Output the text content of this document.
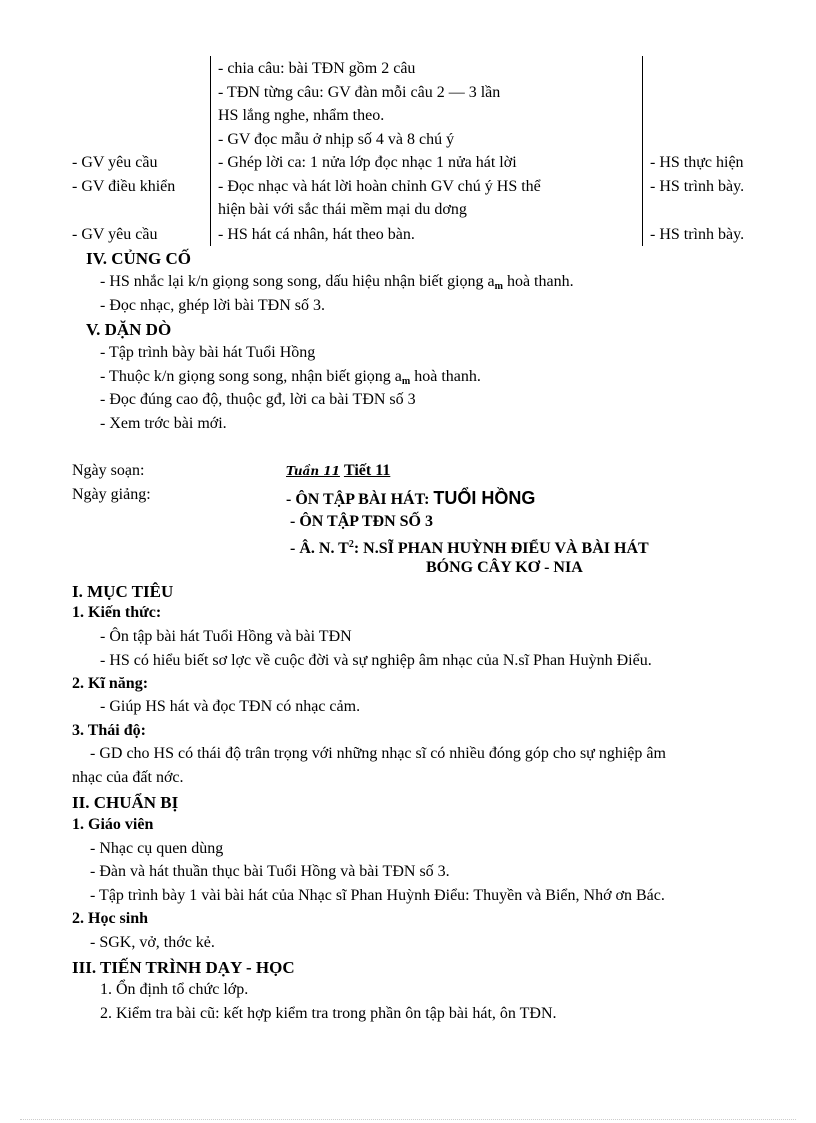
- chia câu: bài TĐN gồm 2 câu
- TĐN từng câu: GV đàn mỗi câu 2 — 3 lần
HS lắng nghe, nhẩm theo.
- GV đọc mẫu ở nhịp số 4 và 8 chú ý
- Ghép lời ca: 1 nửa lớp đọc nhạc 1 nửa hát lời
- Đọc nhạc và hát lời hoàn chỉnh GV chú ý HS thể
hiện bài với sắc thái mềm mại du dơng
- HS hát cá nhân, hát theo bàn.
- GV yêu cầu
- GV điều khiển
- GV yêu cầu
- HS thực hiện
- HS trình bày.
- HS trình bày.
IV. CỦNG CỐ
- HS nhắc lại k/n giọng song song, dấu hiệu nhận biết giọng $a_m$ hoà thanh.
- Đọc nhạc, ghép lời bài TĐN số 3.
V. DẶN DÒ
- Tập trình bày bài hát Tuổi Hồng
- Thuộc k/n giọng song song, nhận biết giọng $a_m$ hoà thanh.
- Đọc đúng cao độ, thuộc gđ, lời ca bài TĐN số 3
- Xem trớc bài mới.
Ngày soạn:	Tuần 11 Tiết 11
Ngày giảng:	- ÔN TẬP BÀI HÁT: TUỔI HỒNG
- ÔN TẬP TĐN SỐ 3
- Â. N. $T^2$: N.SĨ PHAN HUỲNH ĐIỂU VÀ BÀI HÁT
BÓNG CÂY KƠ - NIA
I. MỤC TIÊU
1. Kiến thức:
- Ôn tập bài hát Tuổi Hồng và bài TĐN
- HS có hiểu biết sơ lợc về cuộc đời và sự nghiệp âm nhạc của N.sĩ Phan Huỳnh Điểu.
2. Kĩ năng:
- Giúp HS hát và đọc TĐN có nhạc cảm.
3. Thái độ:
- GD cho HS có thái độ trân trọng với những nhạc sĩ có nhiều đóng góp cho sự nghiệp âm
nhạc của đất nớc.
II. CHUẨN BỊ
1. Giáo viên
- Nhạc cụ quen dùng
- Đàn và hát thuần thục bài Tuổi Hồng và bài TĐN số 3.
- Tập trình bày 1 vài bài hát của Nhạc sĩ Phan Huỳnh Điểu: Thuyền và Biển, Nhớ ơn Bác.
2. Học sinh
- SGK, vở, thớc kẻ.
III. TIẾN TRÌNH DẠY - HỌC
1. Ổn định tổ chức lớp.
2. Kiểm tra bài cũ: kết hợp kiểm tra trong phần ôn tập bài hát, ôn TĐN.
